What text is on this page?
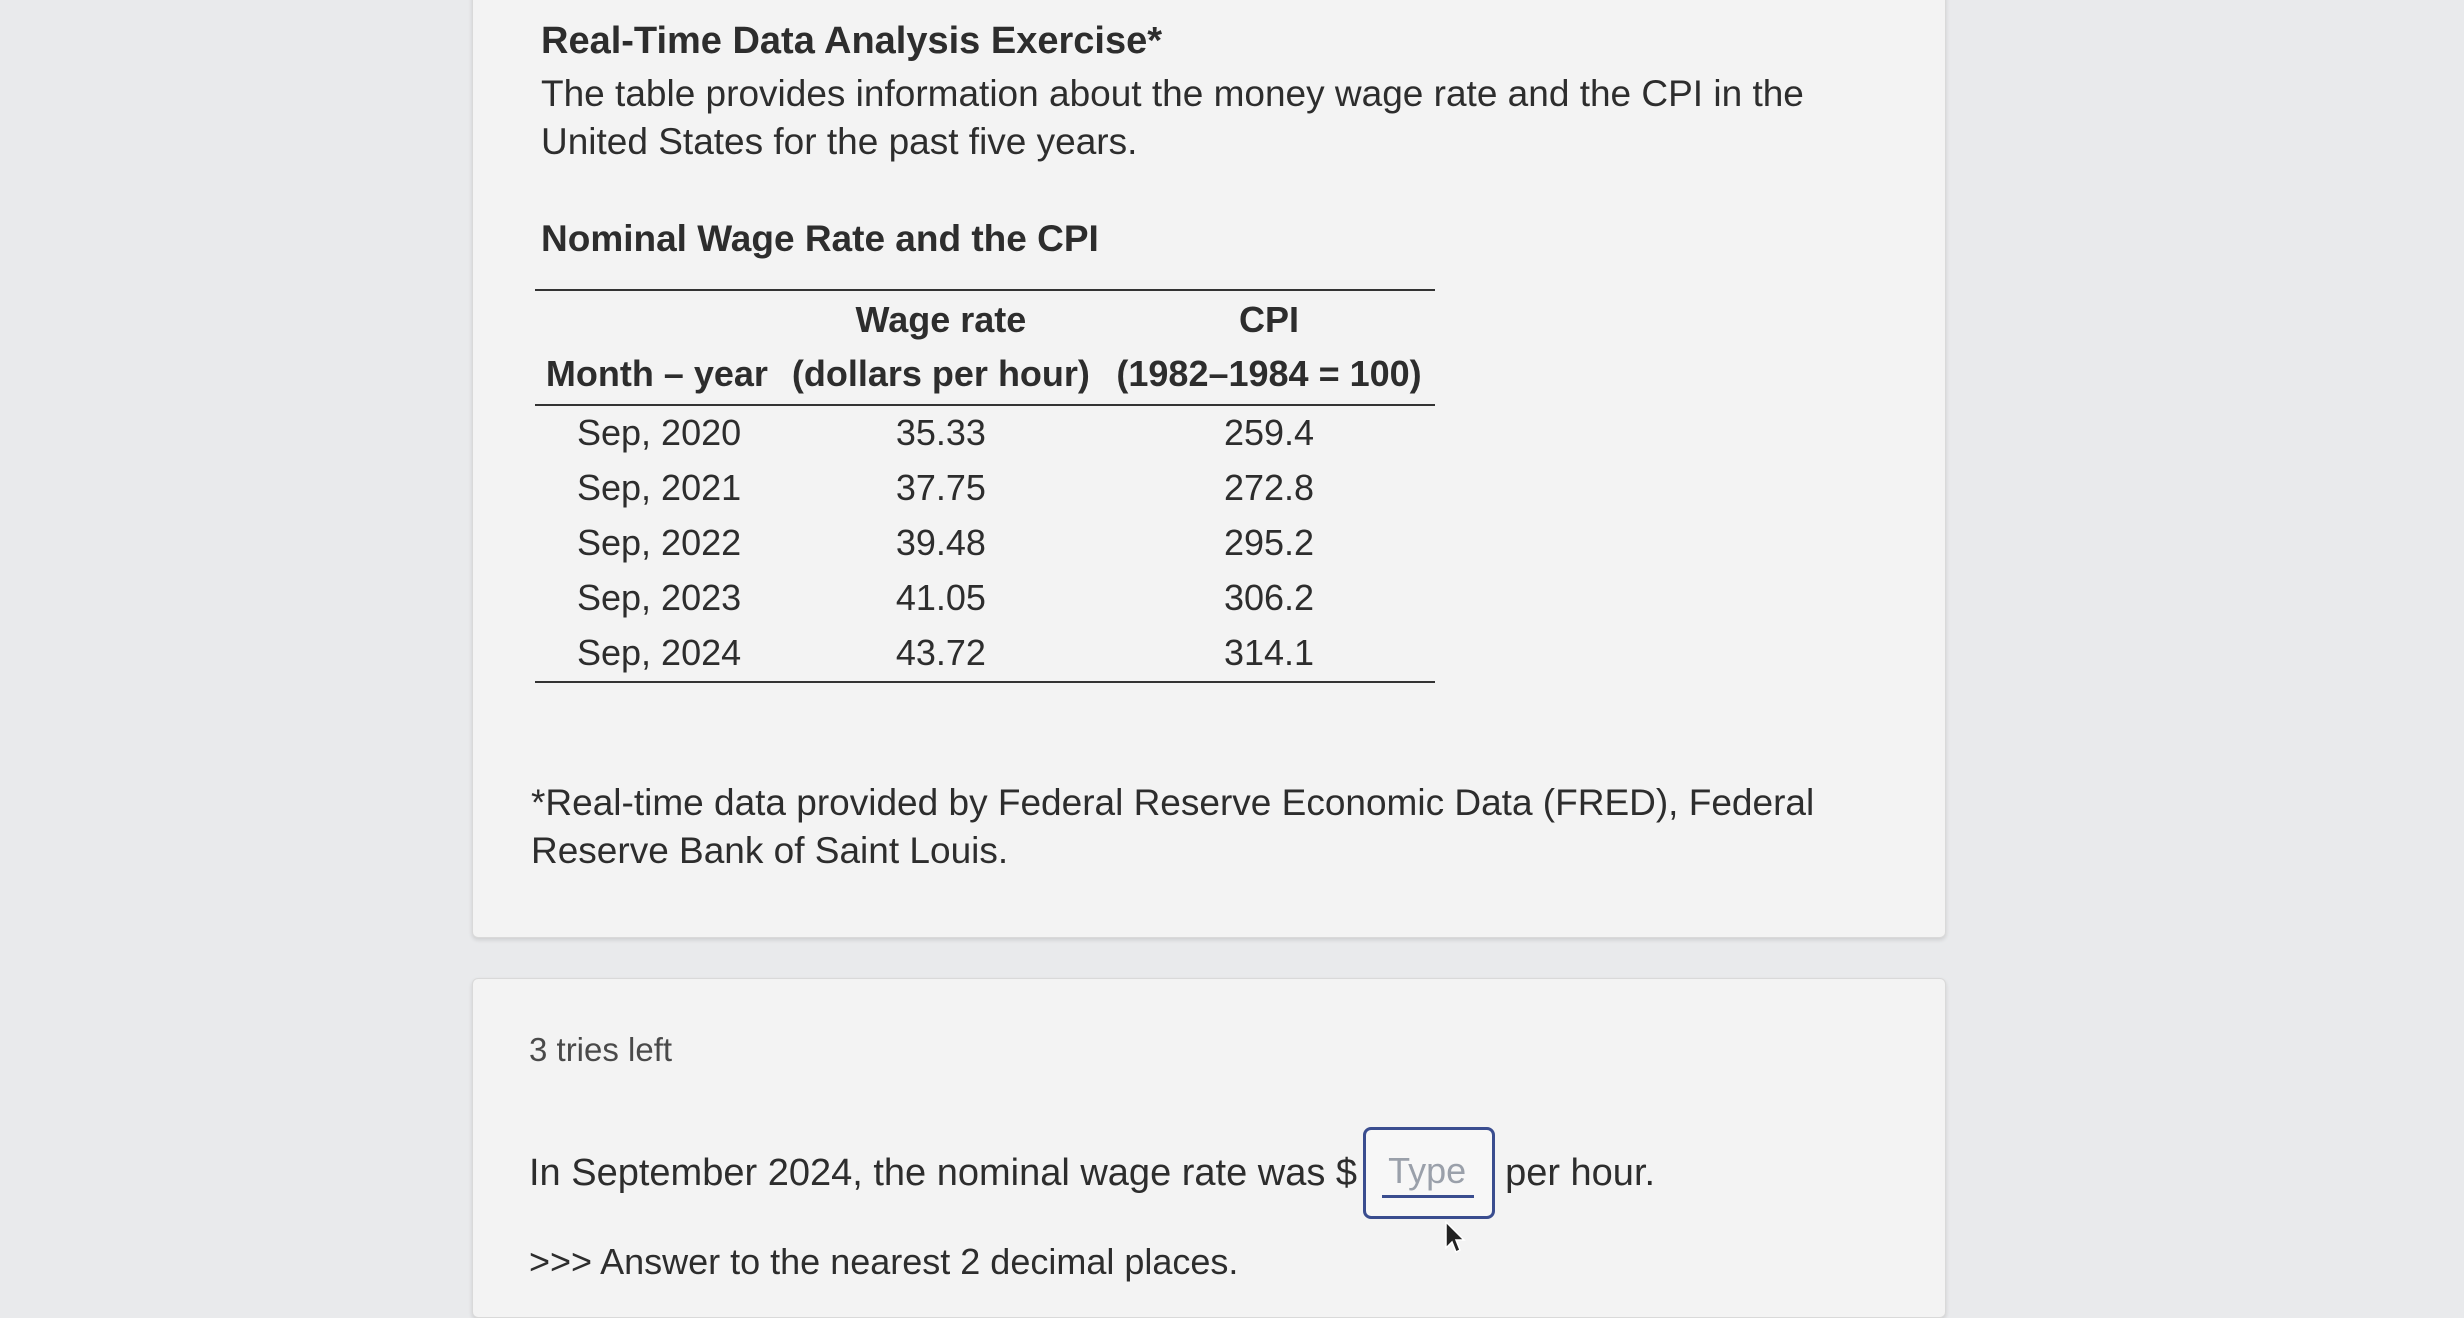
Real-Time Data Analysis Exercise*

The table provides information about the money wage rate and the CPI in the United States for the past five years.

Nominal Wage Rate and the CPI
	Wage rate	CPI
Month – year	(dollars per hour)	(1982–1984 = 100)
Sep, 2020	35.33	259.4
Sep, 2021	37.75	272.8
Sep, 2022	39.48	295.2
Sep, 2023	41.05	306.2
Sep, 2024	43.72	314.1

*Real-time data provided by Federal Reserve Economic Data (FRED), Federal Reserve Bank of Saint Louis.

3 tries left

In September 2024, the nominal wage rate was $
Type	per hour.

>>> Answer to the nearest 2 decimal places.
